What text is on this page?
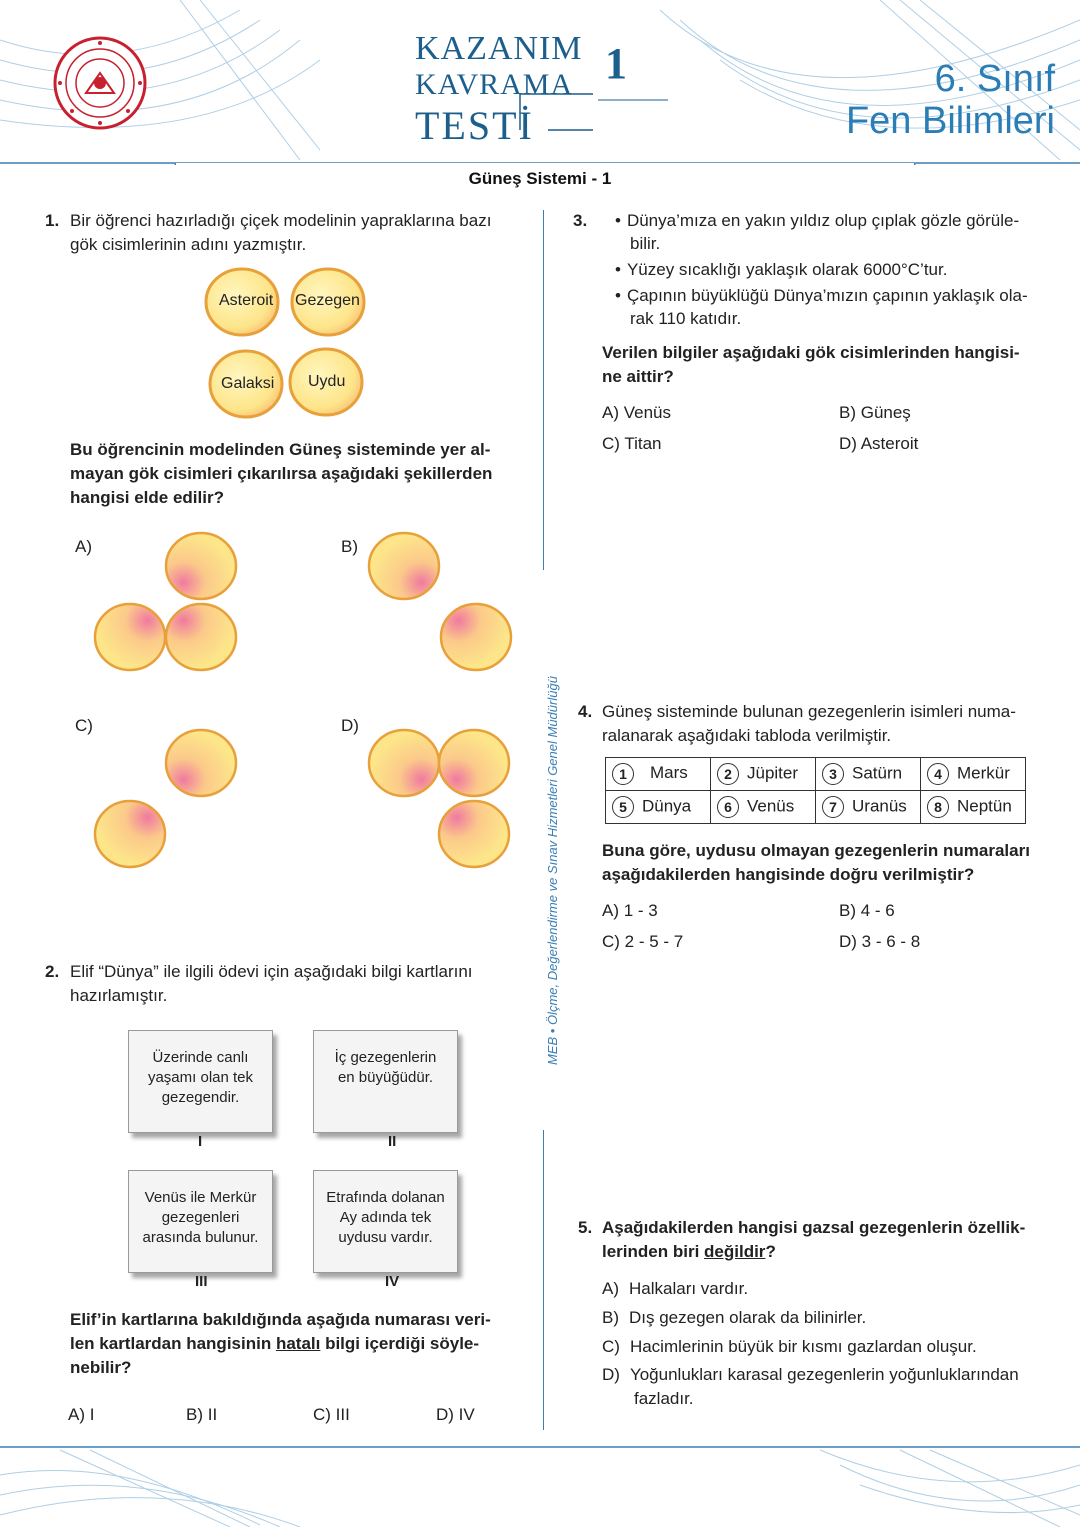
KAZANIM
KAVRAMA
TESTİ
1	6. Sınıf
Fen Bilimleri
Güneş Sistemi - 1
MEB • Ölçme, Değerlendirme ve Sınav Hizmetleri Genel Müdürlüğü
1. Bir öğrenci hazırladığı çiçek modelinin yapraklarına bazı
gök cisimlerinin adını yazmıştır.
Asteroit Gezegen
Galaksi Uydu
Bu öğrencinin modelinden Güneş sisteminde yer al-
mayan gök cisimleri çıkarılırsa aşağıdaki şekillerden
hangisi elde edilir?
A)	B)
C)	D)
2. Elif “Dünya” ile ilgili ödevi için aşağıdaki bilgi kartlarını
hazırlamıştır.
Üzerinde canlı
yaşamı olan tek
gezegendir.
I
İç gezegenlerin
en büyüğüdür.
II
Venüs ile Merkür
gezegenleri
arasında bulunur.
III
Etrafında dolanan
Ay adında tek
uydusu vardır.
IV
Elif’in kartlarına bakıldığında aşağıda numarası veri-
len kartlardan hangisinin hatalı bilgi içerdiği söyle-
nebilir?
A) I	B) II	C) III	D) IV
3.	• Dünya’mıza en yakın yıldız olup çıplak gözle görüle-
bilir.
• Yüzey sıcaklığı yaklaşık olarak 6000°C’tur.
• Çapının büyüklüğü Dünya’mızın çapının yaklaşık ola-
rak 110 katıdır.
Verilen bilgiler aşağıdaki gök cisimlerinden hangisi-
ne aittir?
A) Venüs	B) Güneş
C) Titan	D) Asteroit
4. Güneş sisteminde bulunan gezegenlerin isimleri numa-
ralanarak aşağıdaki tabloda verilmiştir.
1 Mars	2 Jüpiter	3 Satürn	4 Merkür
5 Dünya	6 Venüs	7 Uranüs	8 Neptün
Buna göre, uydusu olmayan gezegenlerin numaraları
aşağıdakilerden hangisinde doğru verilmiştir?
A) 1 - 3	B) 4 - 6
C) 2 - 5 - 7	D) 3 - 6 - 8
5. Aşağıdakilerden hangisi gazsal gezegenlerin özellik-
lerinden biri değildir?
A) Halkaları vardır.
B) Dış gezegen olarak da bilinirler.
C) Hacimlerinin büyük bir kısmı gazlardan oluşur.
D) Yoğunlukları karasal gezegenlerin yoğunluklarından
fazladır.
